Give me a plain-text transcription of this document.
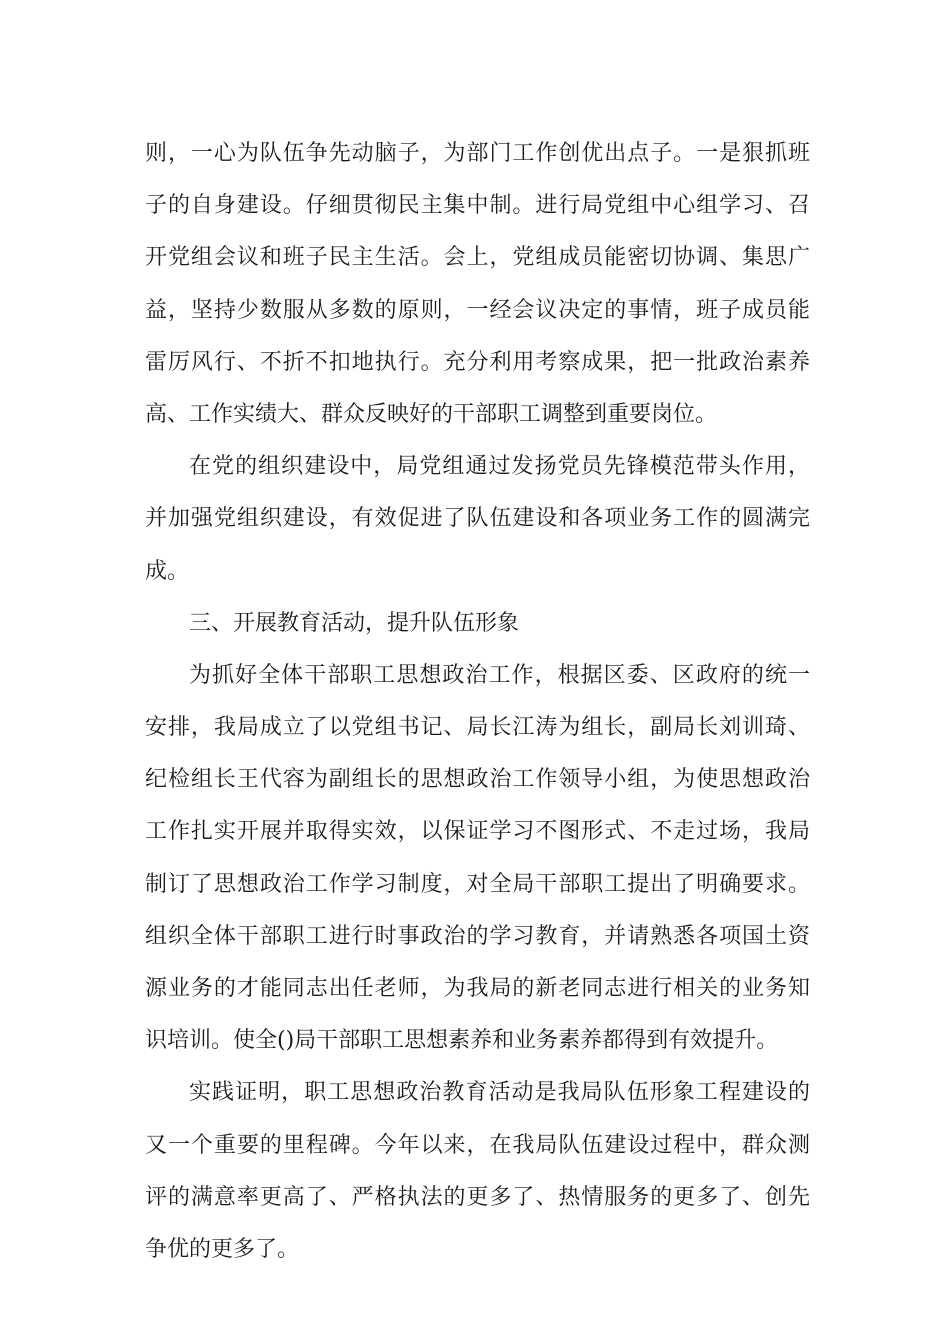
则，一心为队伍争先动脑子，为部门工作创优出点子。一是狠抓班
子的自身建设。仔细贯彻民主集中制。进行局党组中心组学习、召
开党组会议和班子民主生活。会上，党组成员能密切协调、集思广
益，坚持少数服从多数的原则，一经会议决定的事情，班子成员能
雷厉风行、不折不扣地执行。充分利用考察成果，把一批政治素养
高、工作实绩大、群众反映好的干部职工调整到重要岗位。
在党的组织建设中，局党组通过发扬党员先锋模范带头作用，
并加强党组织建设，有效促进了队伍建设和各项业务工作的圆满完
成。
三、开展教育活动，提升队伍形象
为抓好全体干部职工思想政治工作，根据区委、区政府的统一
安排，我局成立了以党组书记、局长江涛为组长，副局长刘训琦、
纪检组长王代容为副组长的思想政治工作领导小组，为使思想政治
工作扎实开展并取得实效，以保证学习不图形式、不走过场，我局
制订了思想政治工作学习制度，对全局干部职工提出了明确要求。
组织全体干部职工进行时事政治的学习教育，并请熟悉各项国土资
源业务的才能同志出任老师，为我局的新老同志进行相关的业务知
识培训。使全()局干部职工思想素养和业务素养都得到有效提升。
实践证明，职工思想政治教育活动是我局队伍形象工程建设的
又一个重要的里程碑。今年以来，在我局队伍建设过程中，群众测
评的满意率更高了、严格执法的更多了、热情服务的更多了、创先
争优的更多了。
